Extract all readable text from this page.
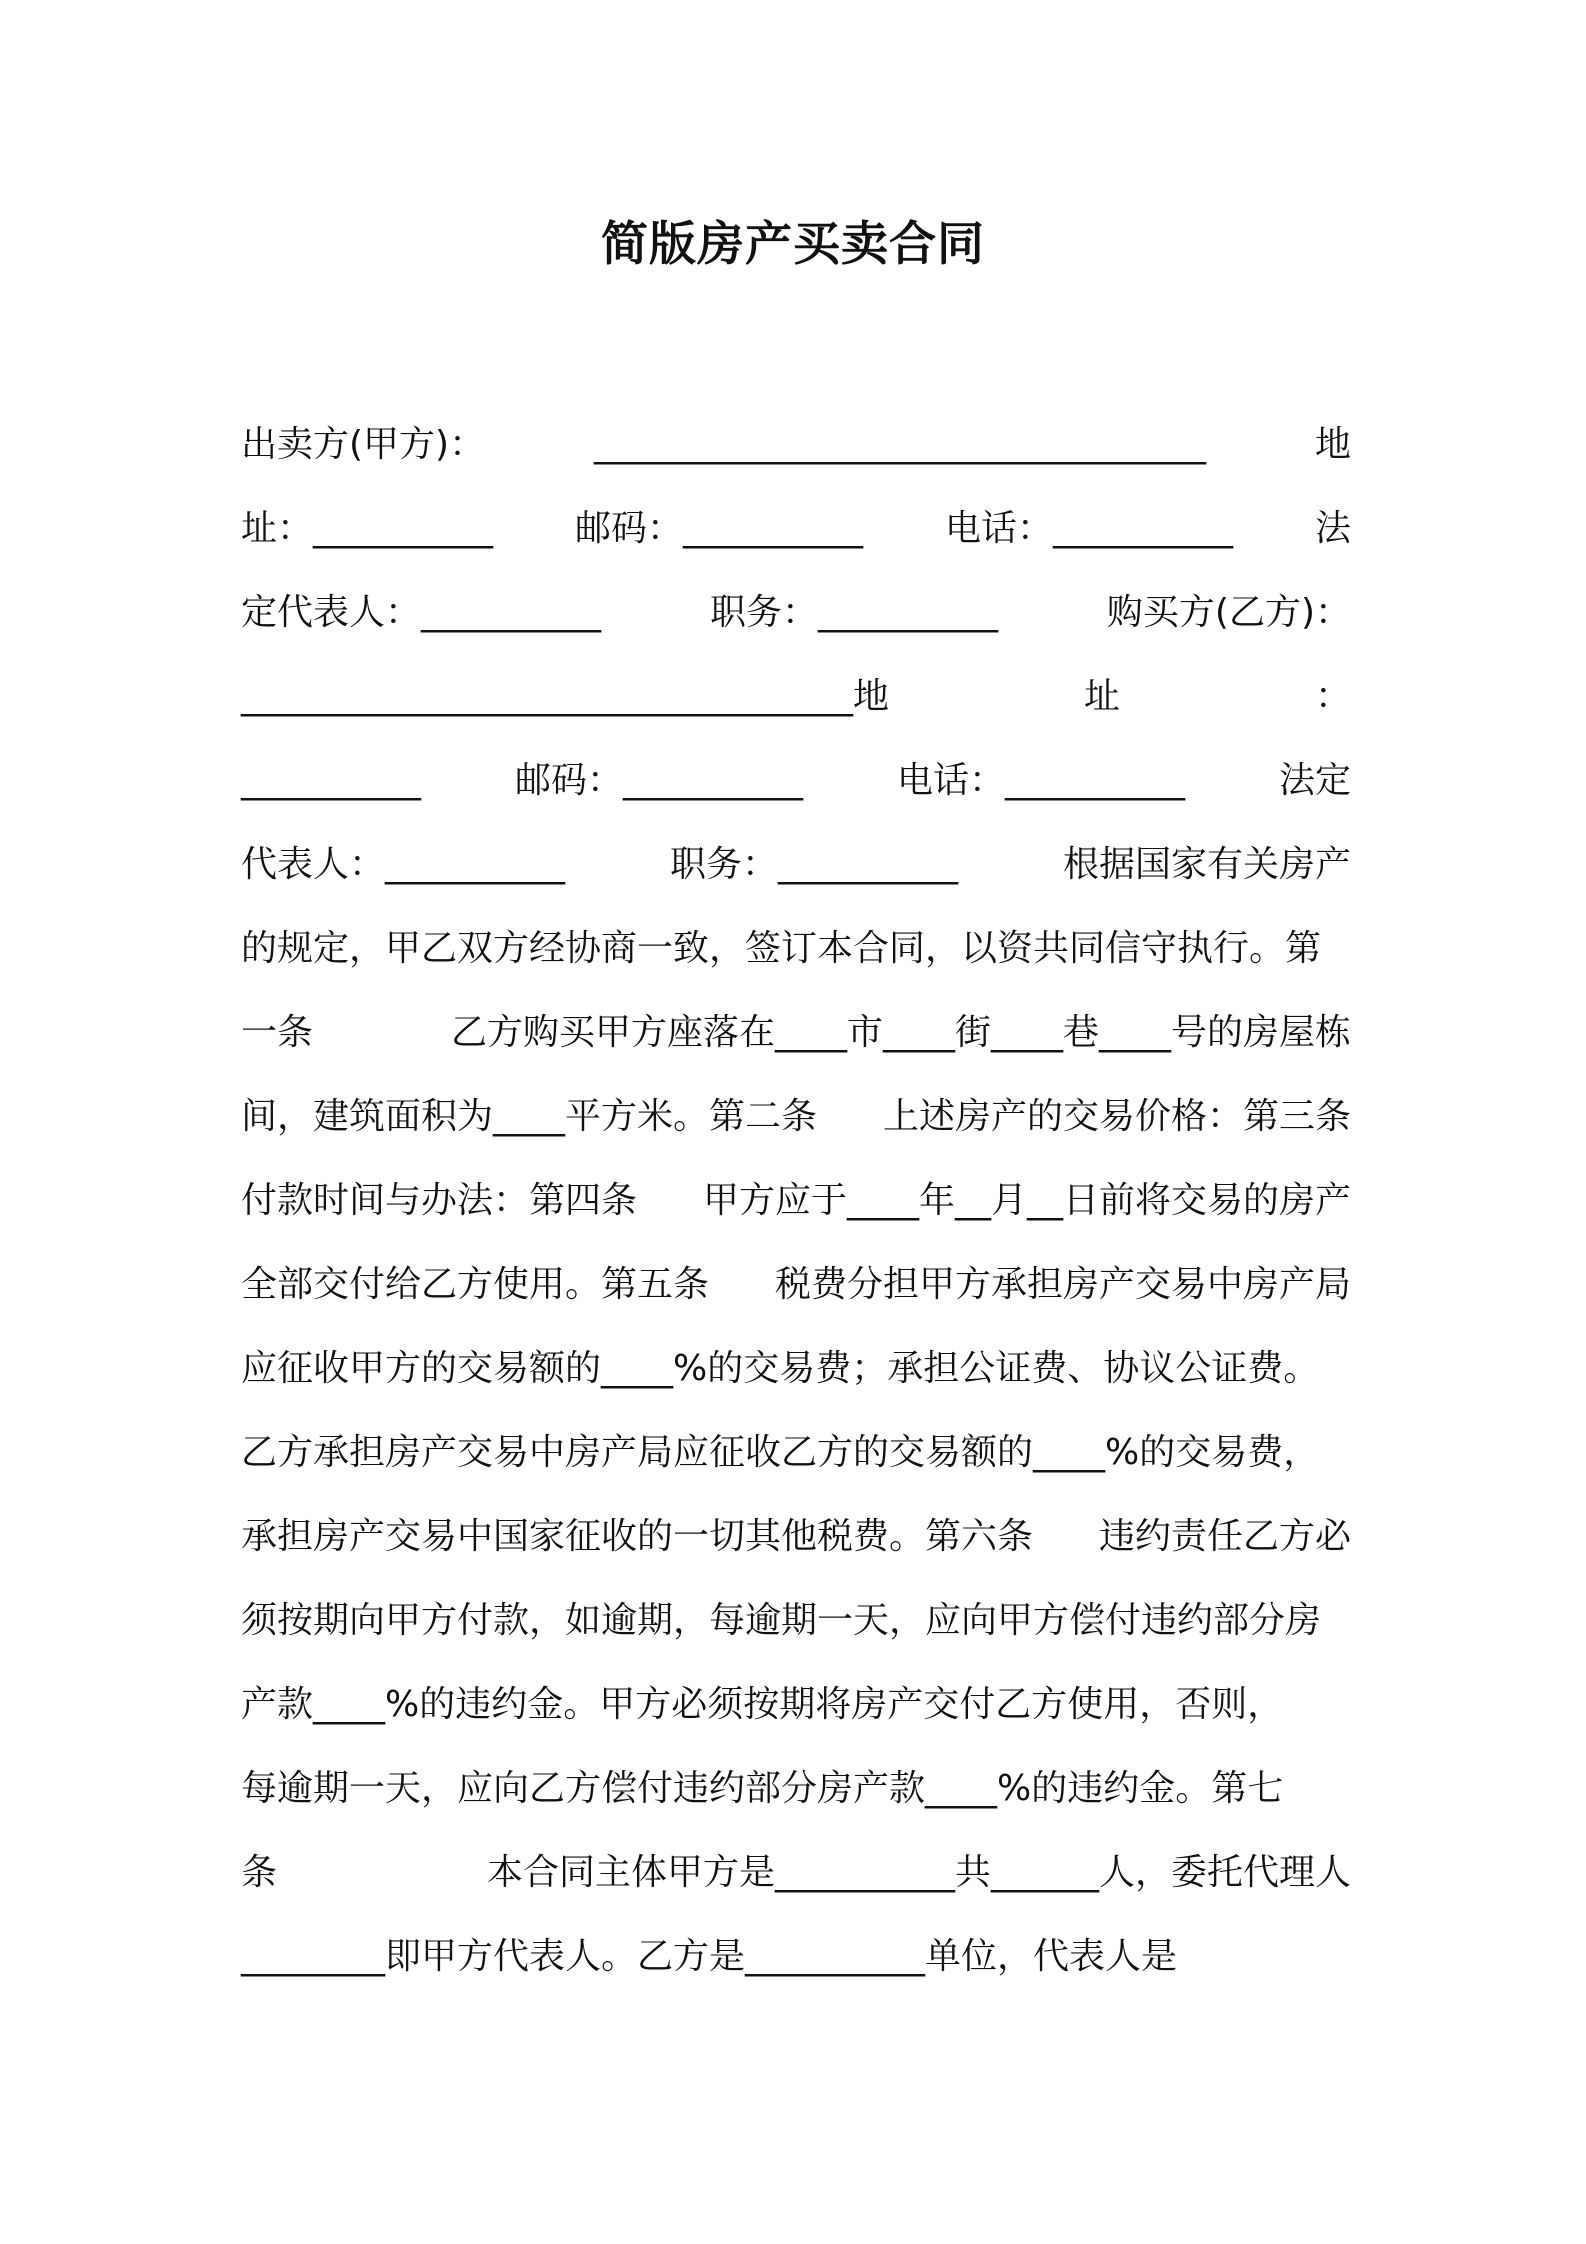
简版房产买卖合同
出卖方(甲方)：	__________________________________	地
址：__________ 邮码：__________ 电话：__________ 法
定代表人：__________	职务：__________	购买方(乙方)：
__________________________________地	址	：
__________	邮码：__________	电话：__________	法定
代表人：__________	职务：__________	根据国家有关房产
的规定，甲乙双方经协商一致，签订本合同，以资共同信守执行。第
一条	乙方购买甲方座落在____市____街____巷____号的房屋栋
间，建筑面积为____平方米。第二条 上述房产的交易价格：第三条
付款时间与办法：第四条 甲方应于____年__月__日前将交易的房产
全部交付给乙方使用。第五条 税费分担甲方承担房产交易中房产局
应征收甲方的交易额的____%的交易费；承担公证费、协议公证费。
乙方承担房产交易中房产局应征收乙方的交易额的____%的交易费，
承担房产交易中国家征收的一切其他税费。第六条 违约责任乙方必
须按期向甲方付款，如逾期，每逾期一天，应向甲方偿付违约部分房
产款____%的违约金。甲方必须按期将房产交付乙方使用，否则，
每逾期一天，应向乙方偿付违约部分房产款____%的违约金。第七
条	本合同主体甲方是__________共______人，委托代理人
________即甲方代表人。乙方是__________单位，代表人是
